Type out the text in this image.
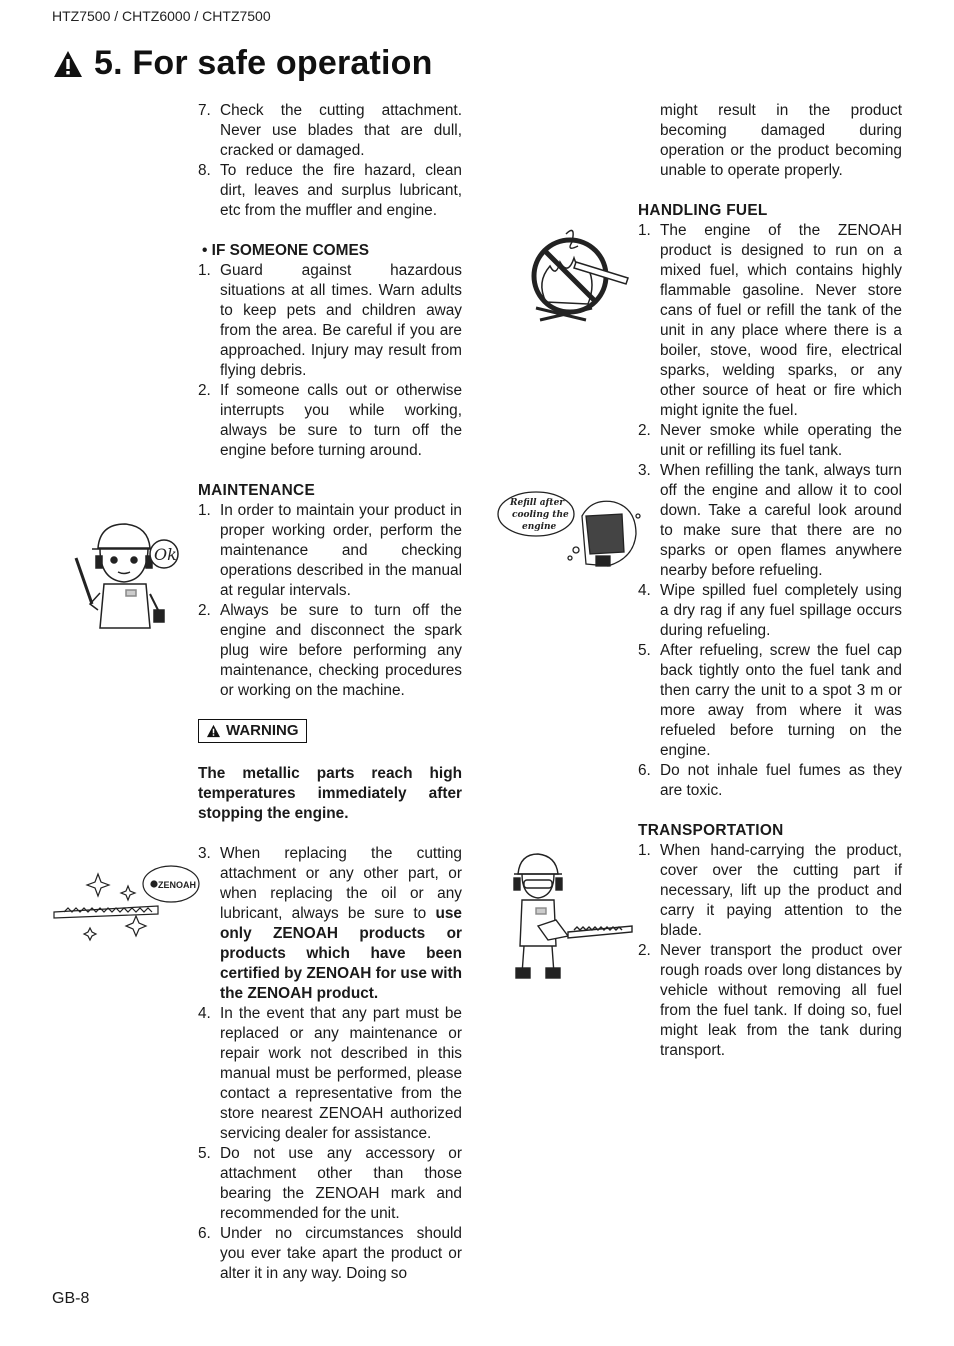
HTZ7500 / CHTZ6000 / CHTZ7500
5. For safe operation
7. Check the cutting attachment. Never use blades that are dull, cracked or damaged.
8. To reduce the fire hazard, clean dirt, leaves and surplus lubricant, etc from the muffler and engine.
• IF SOMEONE COMES
1. Guard against hazardous situations at all times. Warn adults to keep pets and children away from the area. Be careful if you are approached. Injury may result from flying debris.
2. If someone calls out or otherwise interrupts you while working, always be sure to turn off the engine before turning around.
MAINTENANCE
1. In order to maintain your product in proper working order, perform the maintenance and checking operations described in the manual at regular intervals.
2. Always be sure to turn off the engine and disconnect the spark plug wire before performing any maintenance, checking procedures or working on the machine.
WARNING
The metallic parts reach high temperatures immediately after stopping the engine.
3. When replacing the cutting attachment or any other part, or when replacing the oil or any lubricant, always be sure to use only ZENOAH products or products which have been certified by ZENOAH for use with the ZENOAH product.
4. In the event that any part must be replaced or any maintenance or repair work not described in this manual must be performed, please contact a representative from the store nearest ZENOAH authorized servicing dealer for assistance.
5. Do not use any accessory or attachment other than those bearing the ZENOAH mark and recommended for the unit.
6. Under no circumstances should you ever take apart the product or alter it in any way. Doing so
might result in the product becoming damaged during operation or the product becoming unable to operate properly.
HANDLING FUEL
1. The engine of the ZENOAH product is designed to run on a mixed fuel, which contains highly flammable gasoline. Never store cans of fuel or refill the tank of the unit in any place where there is a boiler, stove, wood fire, electrical sparks, welding sparks, or any other source of heat or fire which might ignite the fuel.
2. Never smoke while operating the unit or refilling its fuel tank.
3. When refilling the tank, always turn off the engine and allow it to cool down. Take a careful look around to make sure that there are no sparks or open flames anywhere nearby before refueling.
4. Wipe spilled fuel completely using a dry rag if any fuel spillage occurs during refueling.
5. After refueling, screw the fuel cap back tightly onto the fuel tank and then carry the unit to a spot 3 m or more away from where it was refueled before turning on the engine.
6. Do not inhale fuel fumes as they are toxic.
TRANSPORTATION
1. When hand-carrying the product, cover over the cutting part if necessary, lift up the product and carry it paying attention to the blade.
2. Never transport the product over rough roads over long distances by vehicle without removing all fuel from the fuel tank. If doing so, fuel might leak from the tank during transport.
Ok
ZENOAH
Refill after
cooling the
engine
GB-8
